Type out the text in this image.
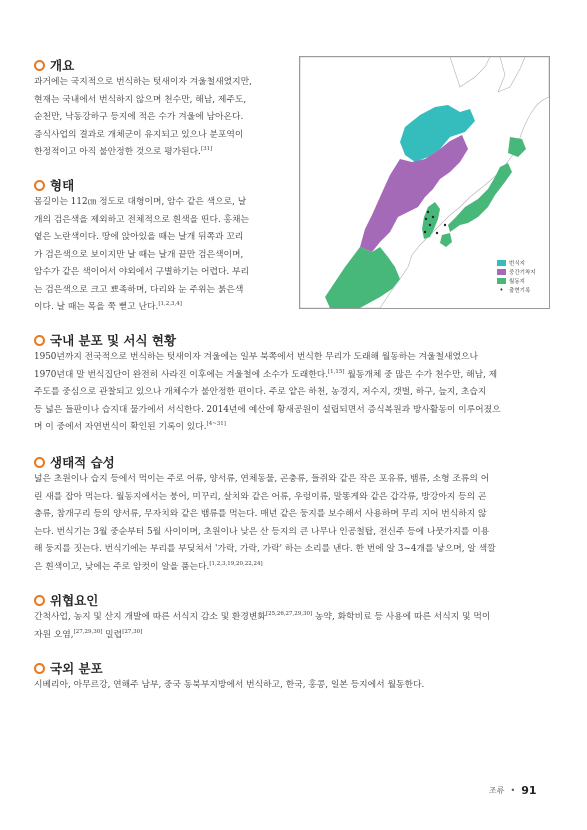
개요

과거에는 국지적으로 번식하는 텃새이자 겨울철새였지만,
현재는 국내에서 번식하지 않으며 천수만, 해남, 제주도,
순천만, 낙동강하구 등지에 적은 수가 겨울에 남아온다.
증식사업의 결과로 개체군이 유지되고 있으나 분포역이
한정적이고 아직 불안정한 것으로 평가된다.[31]

형태

몸길이는 112㎝ 정도로 대형이며, 암수 같은 색으로, 날
개의 검은색을 제외하고 전체적으로 흰색을 띤다. 홍채는
옅은 노란색이다. 땅에 앉아있을 때는 날개 뒤쪽과 꼬리
가 검은색으로 보이지만 날 때는 날개 끝만 검은색이며,
암수가 같은 색이어서 야외에서 구별하기는 어렵다. 부리
는 검은색으로 크고 뾰족하며, 다리와 눈 주위는 붉은색
이다. 날 때는 목을 쭉 뻗고 난다.[1,2,3,4]

번식지
중간기착지
월동지
• 출현기록
국내 분포 및 서식 현황

1950년까지 전국적으로 번식하는 텃새이자 겨울에는 일부 북쪽에서 번식한 무리가 도래해 월동하는 겨울철새였으나
1970년대 말 번식집단이 완전히 사라진 이후에는 겨울철에 소수가 도래한다.[1,15] 월동개체 중 많은 수가 천수만, 해남, 제
주도를 중심으로 관찰되고 있으나 개체수가 불안정한 편이다. 주로 얕은 하천, 농경지, 저수지, 갯벌, 하구, 늪지, 초습지
등 넓은 들판이나 습지대 물가에서 서식한다. 2014년에 예산에 황새공원이 설립되면서 증식복원과 방사활동이 이루어졌으
며 이 중에서 자연번식이 확인된 기록이 있다.[4~31]

생태적 습성

넓은 초원이나 습지 등에서 먹이는 주로 어류, 양서류, 연체동물, 곤충류, 들쥐와 같은 작은 포유류, 뱀류, 소형 조류의 어
린 새를 잡아 먹는다. 월동지에서는 붕어, 미꾸리, 살치와 같은 어류, 우렁이류, 말똥게와 같은 갑각류, 방강아지 등의 곤
충류, 참개구리 등의 양서류, 무자치와 같은 뱀류를 먹는다. 매년 같은 둥지를 보수해서 사용하며 무리 지어 번식하지 않
는다. 번식기는 3월 중순부터 5월 사이이며, 초원이나 낮은 산 등지의 큰 나무나 인공철탑, 전신주 등에 나뭇가지를 이용
해 둥지를 짓는다. 번식기에는 부리를 부딪쳐서 '가락, 가락, 가락' 하는 소리를 낸다. 한 번에 알 3~4개를 낳으며, 알 색깔
은 흰색이고, 낮에는 주로 암컷이 알을 품는다.[1,2,3,19,20,22,24]

위협요인

간척사업, 농지 및 산지 개발에 따른 서식지 감소 및 환경변화[25,26,27,29,30] 농약, 화학비료 등 사용에 따른 서식지 및 먹이
자원 오염,[27,29,30] 밀렵[27,30]

국외 분포

시베리아, 아무르강, 연해주 남부, 중국 동북부지방에서 번식하고, 한국, 홍콩, 일본 등지에서 월동한다.

조류 • 91
